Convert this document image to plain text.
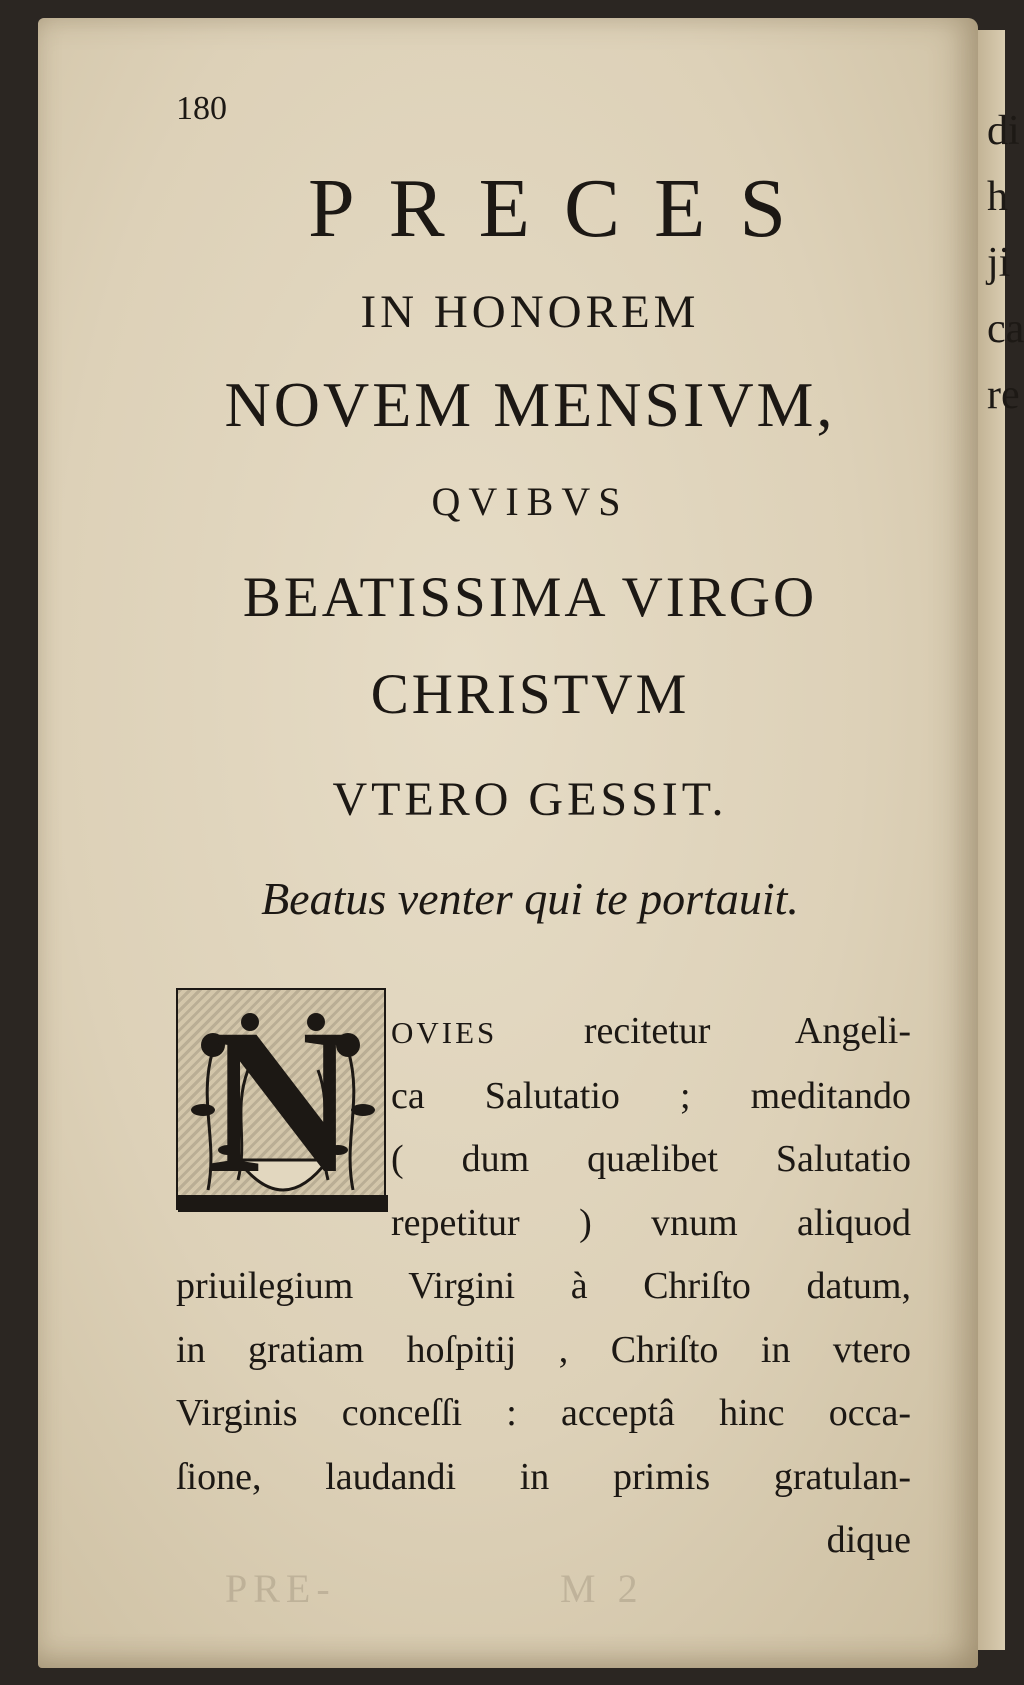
di
h
ji
ca
re
180
PRECES
IN HONOREM
NOVEM MENSIVM,
QVIBVS
BEATISSIMA VIRGO
CHRISTVM
VTERO GESSIT.
Beatus venter qui te portauit.
N	OVIES recitetur Angeli-
ca Salutatio ; meditando
( dum quælibet Salutatio
repetitur ) vnum aliquod
priuilegium Virgini à Chriſto datum,
in gratiam hoſpitij , Chriſto in vtero
Virginis conceſſi : acceptâ hinc occa-
ſione, laudandi in primis gratulan-
dique
M 2
PRE-
